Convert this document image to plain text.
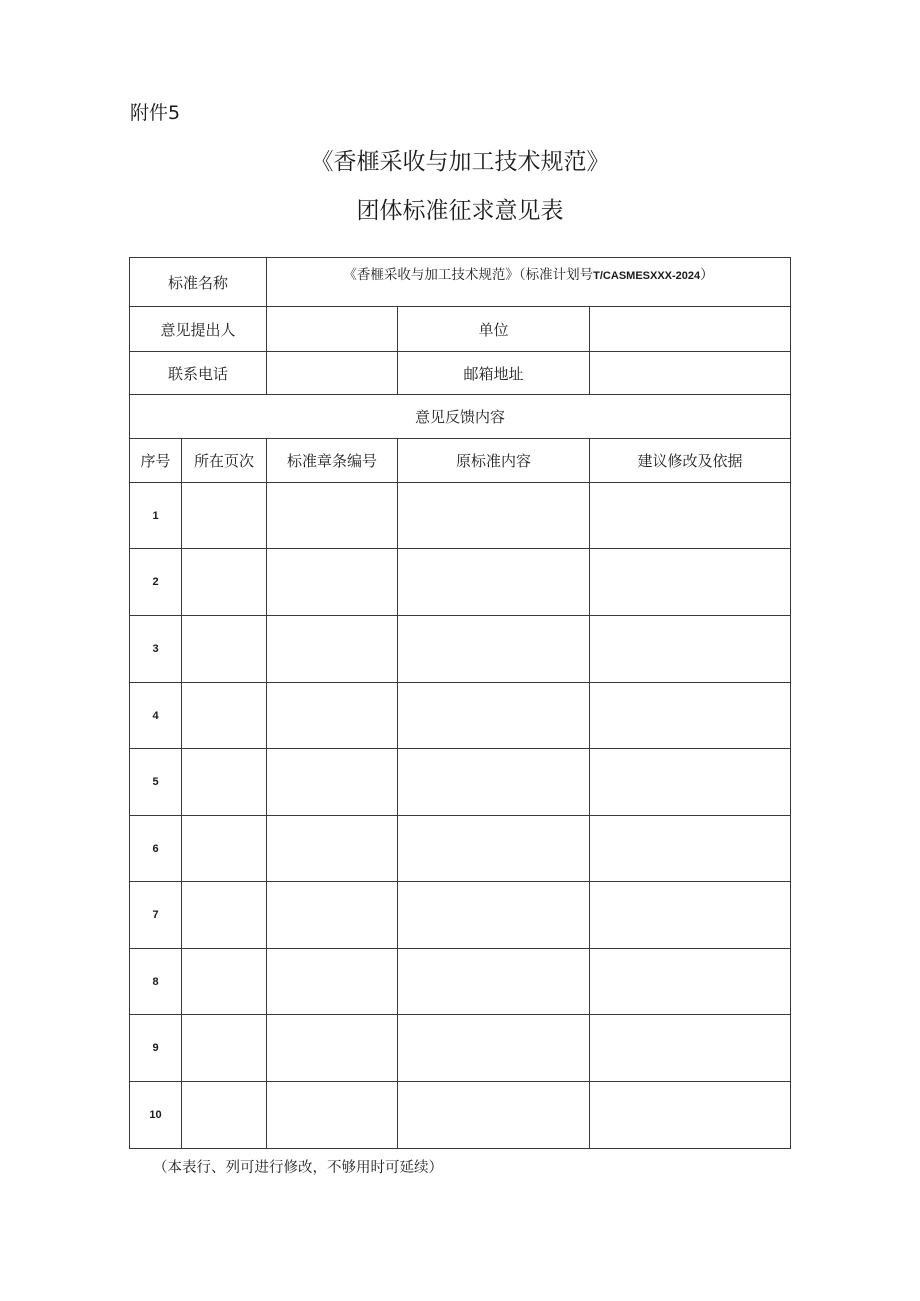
附件5
《香榧采收与加工技术规范》
团体标准征求意见表
标准名称		《香榧采收与加工技术规范》（标准计划号T/CASMESXXX-2024）		
意见提出人			单位	
联系电话			邮箱地址	
意见反馈内容				
序号	所在页次	标准章条编号	原标准内容	建议修改及依据
1				
2				
3				
4				
5				
6				
7				
8				
9				
10				
（本表行、列可进行修改，不够用时可延续）
